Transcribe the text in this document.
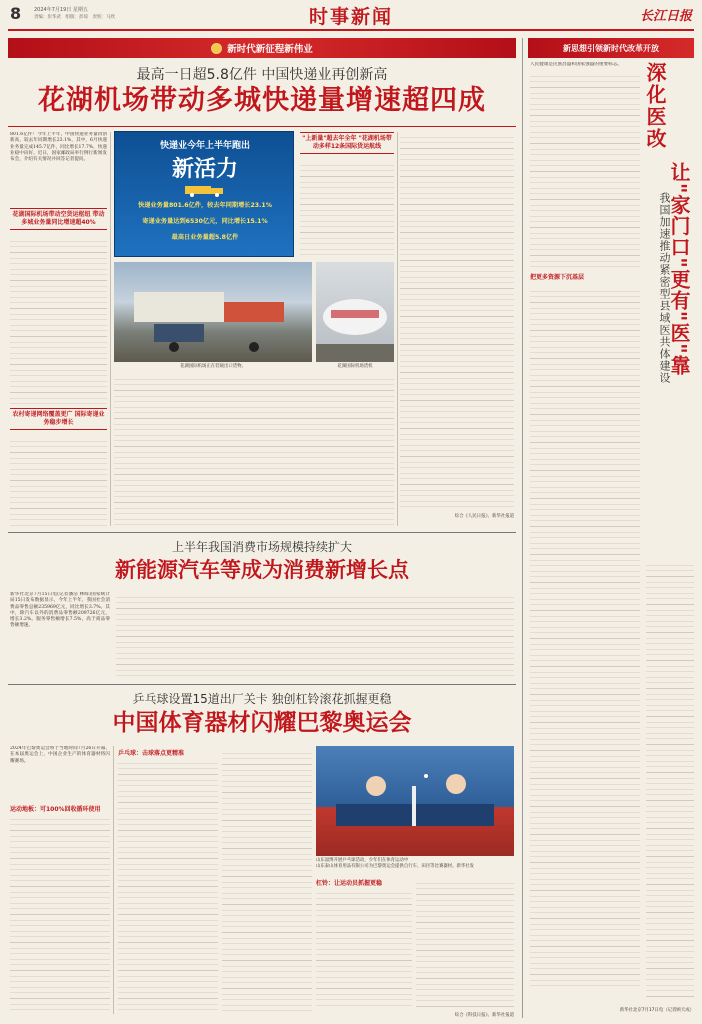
8	2024年7月19日 星期五
责编：彭华武　组版：彭琼　责校：马欣	时事新闻	长江日报
新时代新征程新伟业
最高一日超5.8亿件 中国快递业再创新高
花湖机场带动多城快递量增速超四成
801.6亿件！今年上半年，中国快递业务量再创新高，较去年同期增长23.1%，其中，6月快递业务量完成145.7亿件，同比增长17.7%，快递业稳中向好。近日，国家邮政局举行例行新闻发布会，介绍有关情况并回答记者提问。
花湖国际机场带动空货运枢纽 带动多城业务量同比增速超40%
农村寄递网络覆盖更广 国际寄递业务稳步增长
快递业今年上半年跑出
新活力
快递业务量801.6亿件，较去年同期增长23.1%
寄递业务量达到6530亿元，同比增长15.1%
最高日业务量超5.8亿件
"上新量"超去年全年 "花湖机场带动多样12条国际货运航线
综合《人民日报》、新华社报道
花湖国际机场正在装载出口货物。	花湖国际机场货机
上半年我国消费市场规模持续扩大
新能源汽车等成为消费新增长点
新华社北京7月15日电(记者潘洁 林晖)国家统计局15日发布数据显示，今年上半年，我国社会消费品零售总额235969亿元，同比增长3.7%。其中，除汽车以外的消费品零售额209726亿元，增长3.2%。服务零售额增长7.5%，高于商品零售额增速。
乒乓球设置15道出厂关卡 独创杠铃滚花抓握更稳
中国体育器材闪耀巴黎奥运会
2024年巴黎奥运会将于当地时间7月26日开幕，在本届奥运会上，中国企业生产的体育器材将闪耀赛场。
运动地板：可100%回收循环使用
乒乓球：击球落点更精准
山东淄博开展乒乓球活动，少年们在体育运动中
山东泰山体育用品有限公司为巴黎奥运会提供自行车、田径等比赛器材。新华社发
杠铃：让运动员抓握更稳
综合《科技日报》、新华社报道
新思想引领新时代改革开放
人民健康是民族昌盛和国家强盛的重要标志。
把更多资源下沉基层
深化医改
让"家门口"更有"医"靠
我国加速推动紧密型县域医共体建设
新华社北京7月17日电（记者顾天成）
